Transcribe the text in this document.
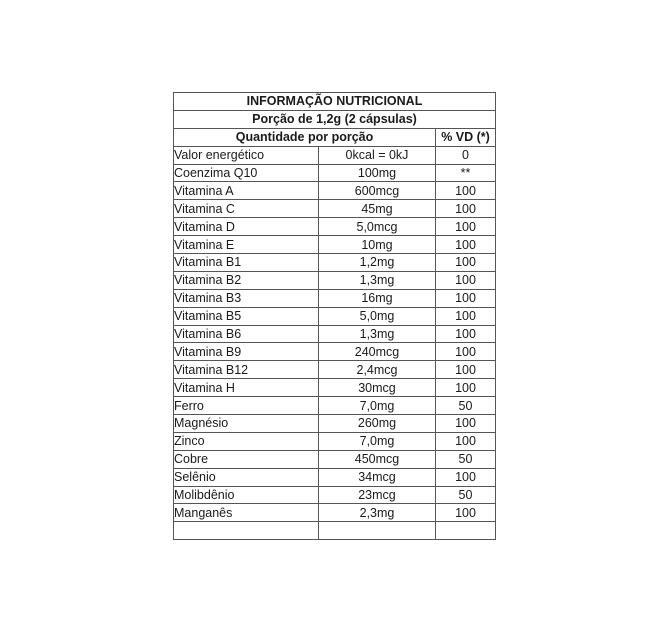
INFORMAÇÃO NUTRICIONAL		
Porção de 1,2g (2 cápsulas)		
Quantidade por porção		% VD (*)
Valor energético	0kcal = 0kJ	0
Coenzima Q10	100mg	**
Vitamina A	600mcg	100
Vitamina C	45mg	100
Vitamina D	5,0mcg	100
Vitamina E	10mg	100
Vitamina B1	1,2mg	100
Vitamina B2	1,3mg	100
Vitamina B3	16mg	100
Vitamina B5	5,0mg	100
Vitamina B6	1,3mg	100
Vitamina B9	240mcg	100
Vitamina B12	2,4mcg	100
Vitamina H	30mcg	100
Ferro	7,0mg	50
Magnésio	260mg	100
Zinco	7,0mg	100
Cobre	450mcg	50
Selênio	34mcg	100
Molibdênio	23mcg	50
Manganês	2,3mg	100
